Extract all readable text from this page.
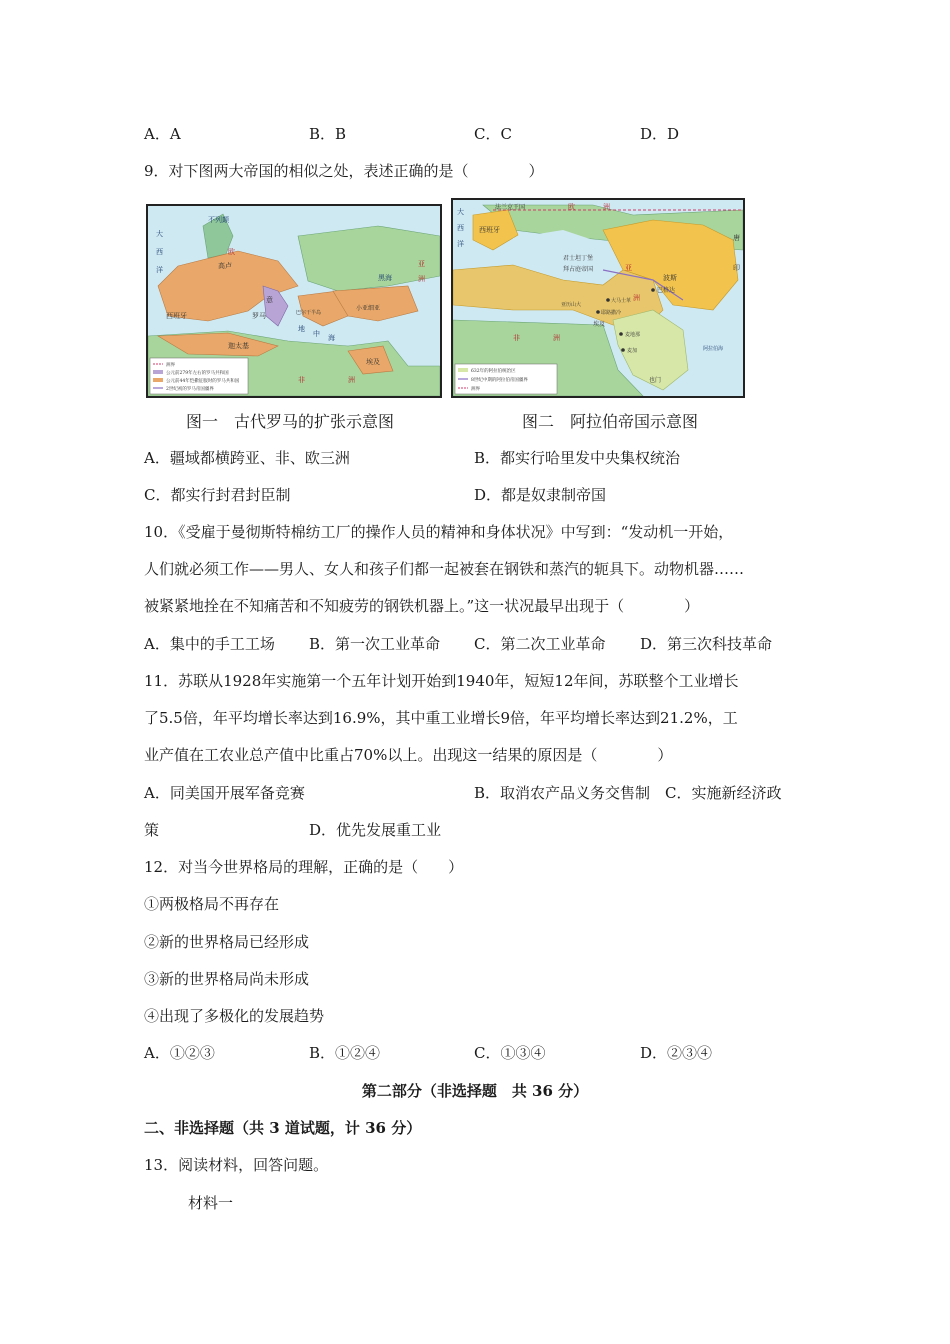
A．A	B．B	C．C	D．D
9．对下图两大帝国的相似之处，表述正确的是（　　　　）
洲界
公元前279年左右的罗马共和国
公元前44年恺撒征服时的罗马共和国
2世纪初的罗马帝国疆界
大
西
洋
不列颠
欧
高卢
西班牙
意
罗马	巴尔干半岛
小亚细亚
迦太基
亚
洲
非	洲
地
中 海
黑海
埃及
图一　古代罗马的扩张示意图
632年的阿拉伯统治区
8世纪中期的阿拉伯帝国疆界
洲界
大
西
洋
法兰克王国	欧	洲
西班牙
君士坦丁堡
拜占庭帝国	亚
洲
波斯
巴格达
大马士革
亚历山大
耶路撒冷
埃及
麦地那
麦加
也门
非	洲
唐
印
阿拉伯海
图二　阿拉伯帝国示意图
A．疆域都横跨亚、非、欧三洲	B．都实行哈里发中央集权统治
C．都实行封君封臣制	D．都是奴隶制帝国
10．《受雇于曼彻斯特棉纺工厂的操作人员的精神和身体状况》中写到：“发动机一开始，
人们就必须工作——男人、女人和孩子们都一起被套在钢铁和蒸汽的轭具下。动物机器……
被紧紧地拴在不知痛苦和不知疲劳的钢铁机器上。”这一状况最早出现于（　　　　）
A．集中的手工工场 B．第一次工业革命 C．第二次工业革命 D．第三次科技革命
11．苏联从1928年实施第一个五年计划开始到1940年，短短12年间，苏联整个工业增长
了5.5倍，年平均增长率达到16.9%，其中重工业增长9倍，年平均增长率达到21.2%，工
业产值在工农业总产值中比重占70%以上。出现这一结果的原因是（　　　　）
A．同美国开展军备竞赛	B．取消农产品义务交售制　C．实施新经济政
策	D．优先发展重工业
12．对当今世界格局的理解，正确的是（　　）
①两极格局不再存在
②新的世界格局已经形成
③新的世界格局尚未形成
④出现了多极化的发展趋势
A．①②③	B．①②④	C．①③④	D．②③④
第二部分（非选择题　共 36 分）
二、非选择题（共 3 道试题，计 36 分）
13．阅读材料，回答问题。
材料一
